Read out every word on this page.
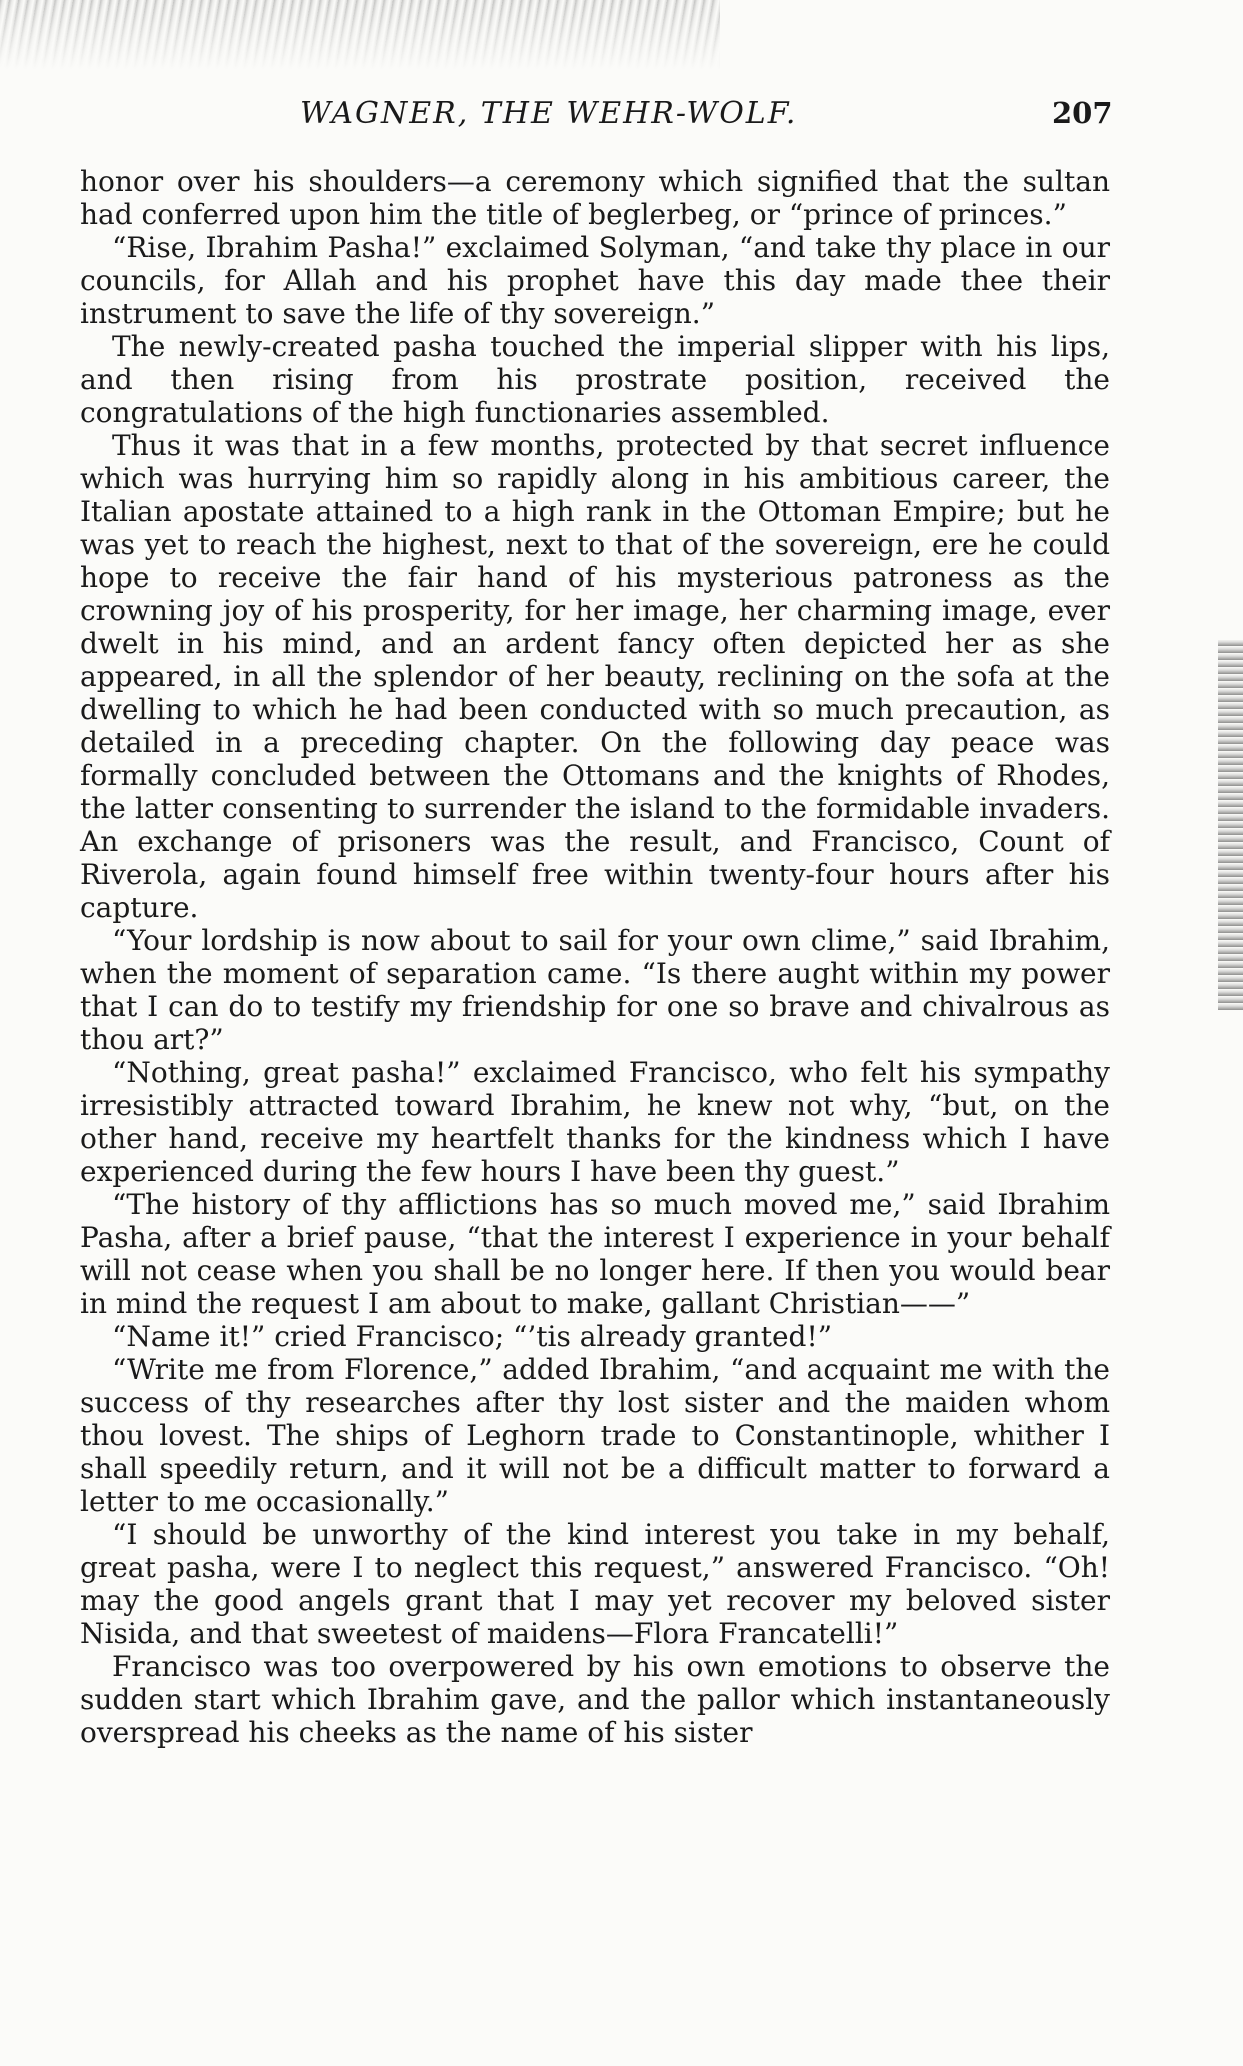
WAGNER, THE WEHR-WOLF.	207

honor over his shoulders—a ceremony which signified that the sultan had conferred upon him the title of beglerbeg, or “prince of princes.”

“Rise, Ibrahim Pasha!” exclaimed Solyman, “and take thy place in our councils, for Allah and his prophet have this day made thee their instrument to save the life of thy sovereign.”

The newly-created pasha touched the imperial slipper with his lips, and then rising from his prostrate position, received the congratulations of the high functionaries assembled.

Thus it was that in a few months, protected by that secret influence which was hurrying him so rapidly along in his ambitious career, the Italian apostate attained to a high rank in the Ottoman Empire; but he was yet to reach the highest, next to that of the sovereign, ere he could hope to receive the fair hand of his mysterious patroness as the crowning joy of his prosperity, for her image, her charming image, ever dwelt in his mind, and an ardent fancy often depicted her as she appeared, in all the splendor of her beauty, reclining on the sofa at the dwelling to which he had been conducted with so much precaution, as detailed in a preceding chapter. On the following day peace was formally concluded between the Ottomans and the knights of Rhodes, the latter consenting to surrender the island to the formidable invaders. An exchange of prisoners was the result, and Francisco, Count of Riverola, again found himself free within twenty-four hours after his capture.

“Your lordship is now about to sail for your own clime,” said Ibrahim, when the moment of separation came. “Is there aught within my power that I can do to testify my friendship for one so brave and chivalrous as thou art?”

“Nothing, great pasha!” exclaimed Francisco, who felt his sympathy irresistibly attracted toward Ibrahim, he knew not why, “but, on the other hand, receive my heartfelt thanks for the kindness which I have experienced during the few hours I have been thy guest.”

“The history of thy afflictions has so much moved me,” said Ibrahim Pasha, after a brief pause, “that the interest I experience in your behalf will not cease when you shall be no longer here. If then you would bear in mind the request I am about to make, gallant Christian——”

“Name it!” cried Francisco; “’tis already granted!”

“Write me from Florence,” added Ibrahim, “and acquaint me with the success of thy researches after thy lost sister and the maiden whom thou lovest. The ships of Leghorn trade to Constantinople, whither I shall speedily return, and it will not be a difficult matter to forward a letter to me occasionally.”

“I should be unworthy of the kind interest you take in my behalf, great pasha, were I to neglect this request,” answered Francisco. “Oh! may the good angels grant that I may yet recover my beloved sister Nisida, and that sweetest of maidens—Flora Francatelli!”

Francisco was too overpowered by his own emotions to observe the sudden start which Ibrahim gave, and the pallor which instantaneously overspread his cheeks as the name of his sister
